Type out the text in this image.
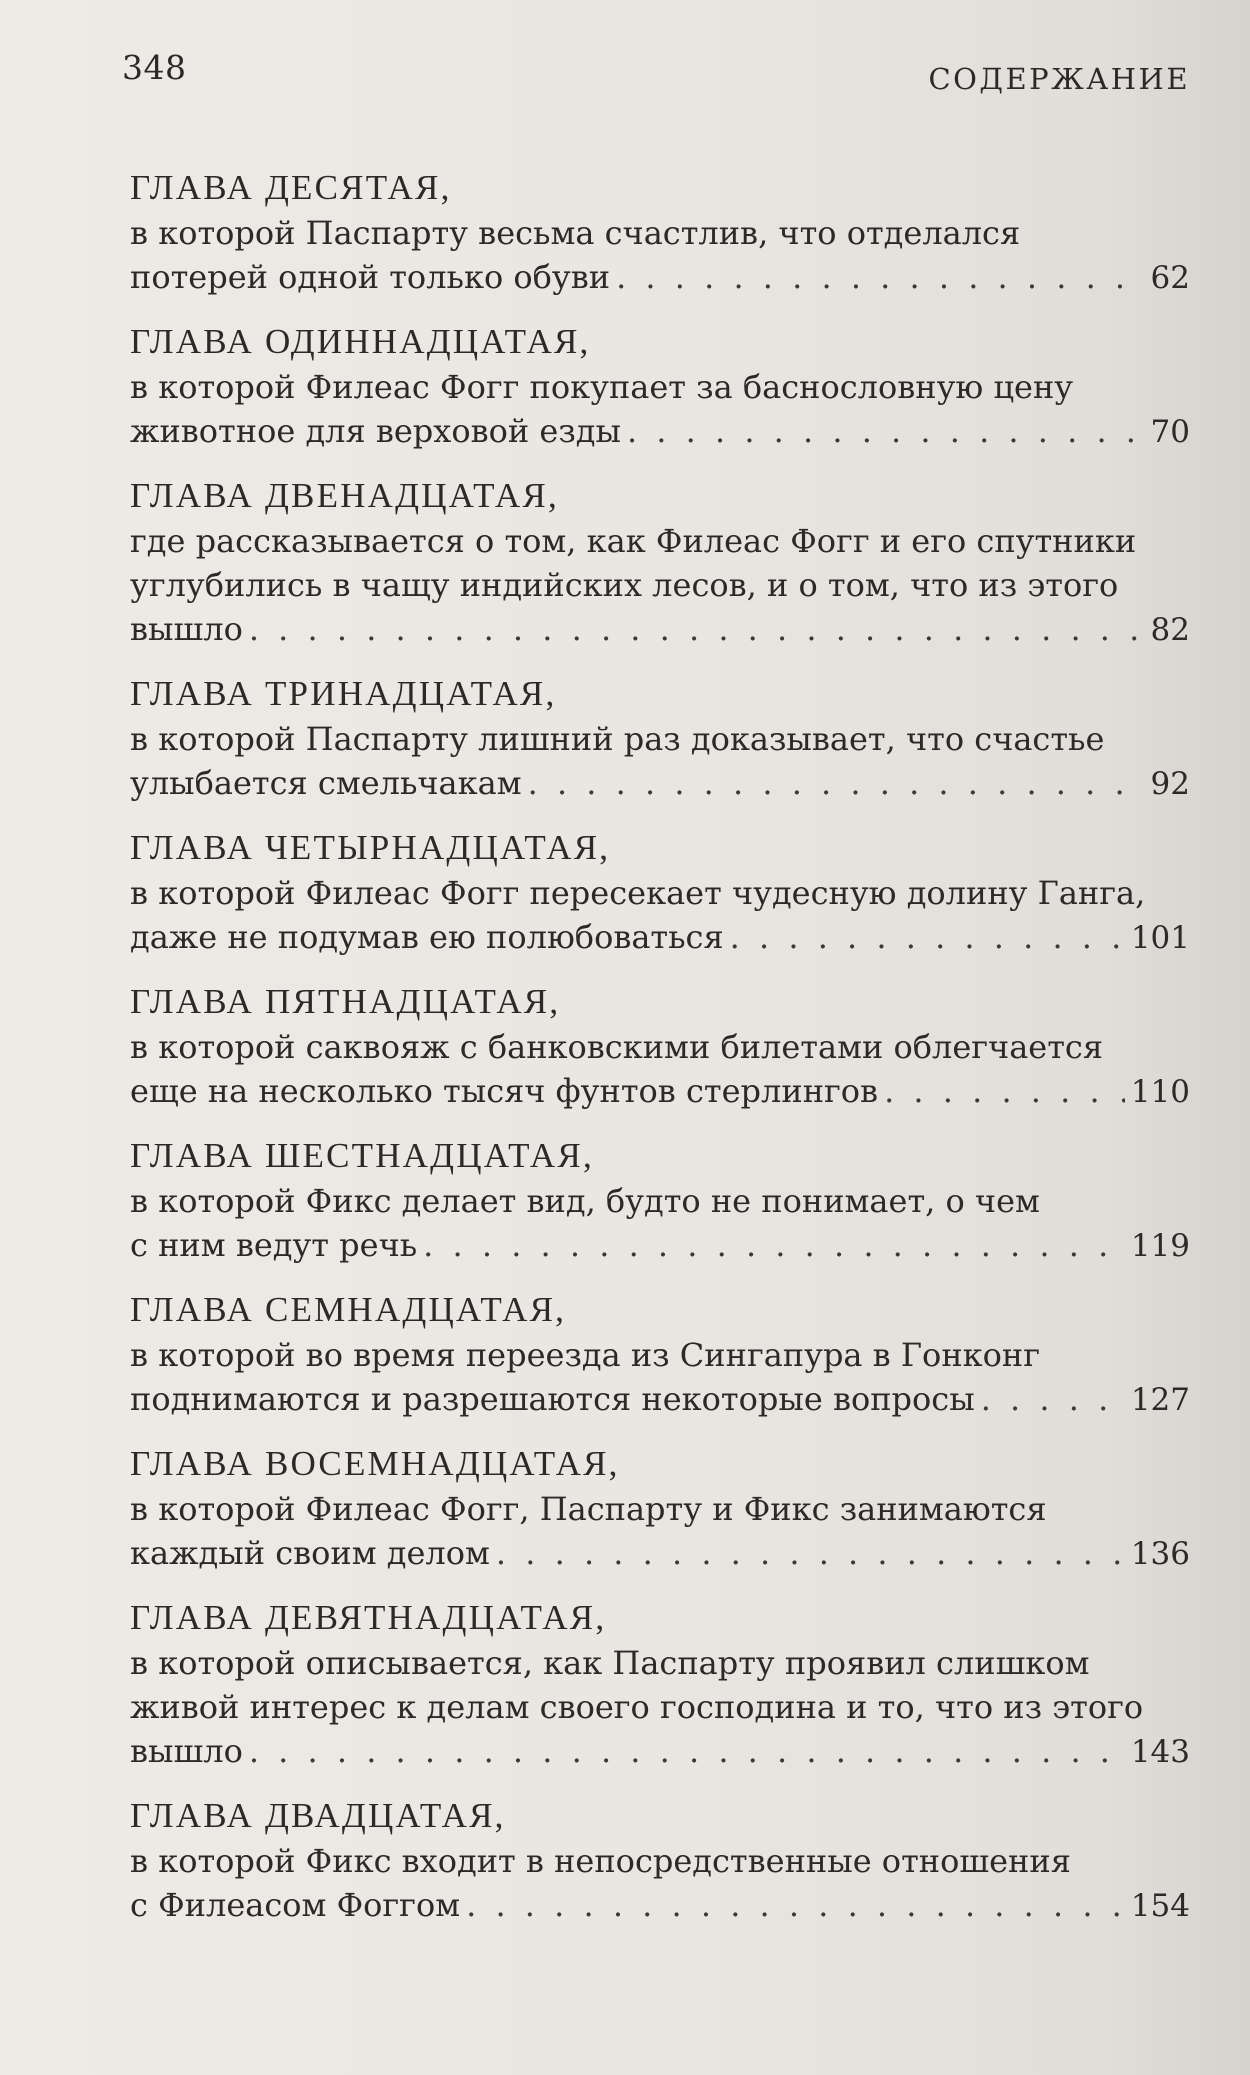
348	СОДЕРЖАНИЕ
ГЛАВА ДЕСЯТАЯ,
в которой Паспарту весьма счастлив, что отделался
потерей одной только обуви . . .	62
ГЛАВА ОДИННАДЦАТАЯ,
в которой Филеас Фогг покупает за баснословную цену
животное для верховой езды . . .	70
ГЛАВА ДВЕНАДЦАТАЯ,
где рассказывается о том, как Филеас Фогг и его спутники
углубились в чащу индийских лесов, и о том, что из этого
вышло . . .	82
ГЛАВА ТРИНАДЦАТАЯ,
в которой Паспарту лишний раз доказывает, что счастье
улыбается смельчакам . . .	92
ГЛАВА ЧЕТЫРНАДЦАТАЯ,
в которой Филеас Фогг пересекает чудесную долину Ганга,
даже не подумав ею полюбоваться . . .	101
ГЛАВА ПЯТНАДЦАТАЯ,
в которой саквояж с банковскими билетами облегчается
еще на несколько тысяч фунтов стерлингов . . .	110
ГЛАВА ШЕСТНАДЦАТАЯ,
в которой Фикс делает вид, будто не понимает, о чем
с ним ведут речь . . .	119
ГЛАВА СЕМНАДЦАТАЯ,
в которой во время переезда из Сингапура в Гонконг
поднимаются и разрешаются некоторые вопросы . . .	127
ГЛАВА ВОСЕМНАДЦАТАЯ,
в которой Филеас Фогг, Паспарту и Фикс занимаются
каждый своим делом . . .	136
ГЛАВА ДЕВЯТНАДЦАТАЯ,
в которой описывается, как Паспарту проявил слишком
живой интерес к делам своего господина и то, что из этого
вышло . . .	143
ГЛАВА ДВАДЦАТАЯ,
в которой Фикс входит в непосредственные отношения
с Филеасом Фоггом . . .	154
